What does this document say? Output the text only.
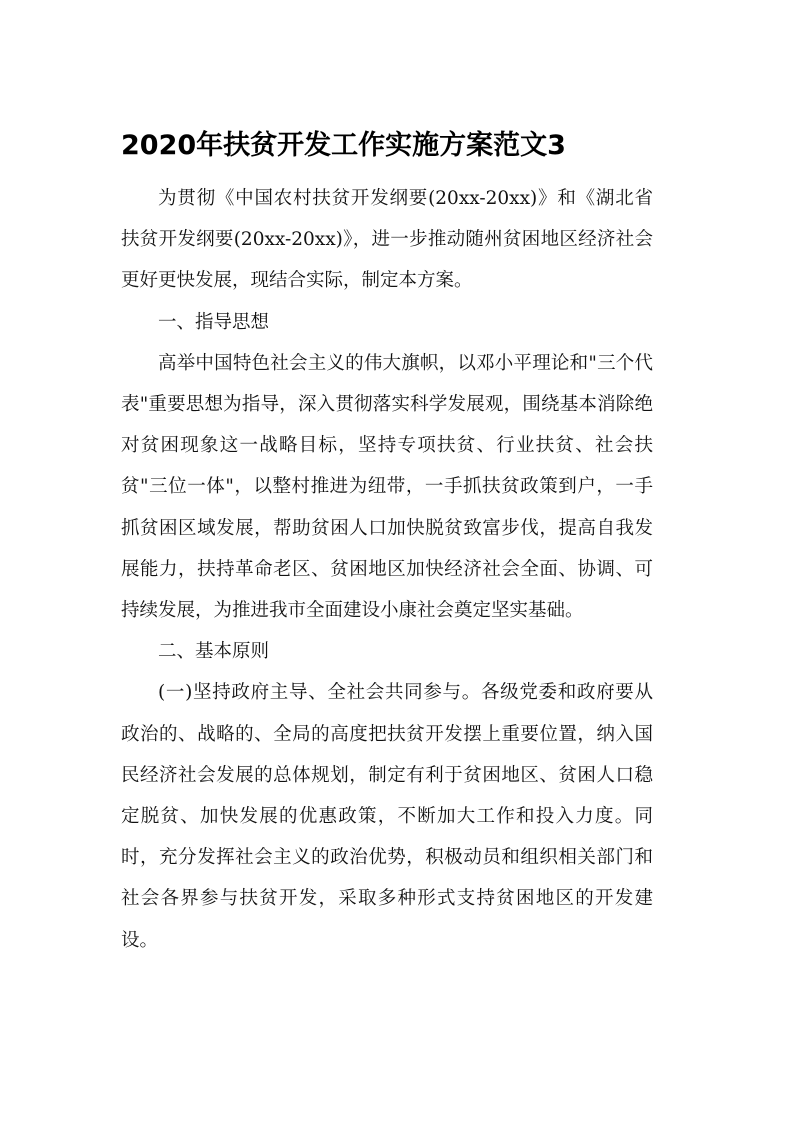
2020年扶贫开发工作实施方案范文3

为贯彻《中国农村扶贫开发纲要(20xx-20xx)》和《湖北省扶贫开发纲要(20xx-20xx)》，进一步推动随州贫困地区经济社会更好更快发展，现结合实际，制定本方案。

一、指导思想

高举中国特色社会主义的伟大旗帜，以邓小平理论和"三个代表"重要思想为指导，深入贯彻落实科学发展观，围绕基本消除绝对贫困现象这一战略目标，坚持专项扶贫、行业扶贫、社会扶贫"三位一体"，以整村推进为纽带，一手抓扶贫政策到户，一手抓贫困区域发展，帮助贫困人口加快脱贫致富步伐，提高自我发展能力，扶持革命老区、贫困地区加快经济社会全面、协调、可持续发展，为推进我市全面建设小康社会奠定坚实基础。

二、基本原则

(一)坚持政府主导、全社会共同参与。各级党委和政府要从政治的、战略的、全局的高度把扶贫开发摆上重要位置，纳入国民经济社会发展的总体规划，制定有利于贫困地区、贫困人口稳定脱贫、加快发展的优惠政策，不断加大工作和投入力度。同时，充分发挥社会主义的政治优势，积极动员和组织相关部门和社会各界参与扶贫开发，采取多种形式支持贫困地区的开发建设。
